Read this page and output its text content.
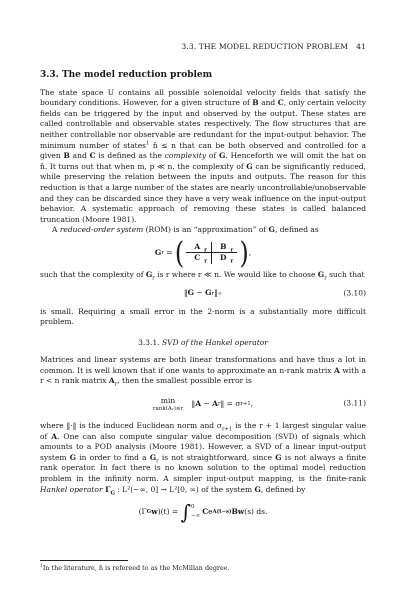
3.3. THE MODEL REDUCTION PROBLEM 41
3.3. The model reduction problem

The state space U contains all possible solenoidal velocity fields that satisfy the boundary conditions. However, for a given structure of B and C, only certain velocity fields can be triggered by the input and observed by the output. These states are called controllable and observable states respectively. The flow structures that are neither controllable nor observable are redundant for the input-output behavior. The minimum number of states$^1$ n̂ ≤ n that can be both observed and controlled for a given B and C is defined as the complexity of G. Henceforth we will omit the hat on n̂. It turns out that when m, p ≪ n, the complexity of G can be significantly reduced, while preserving the relation between the inputs and outputs. The reason for this reduction is that a large number of the states are nearly uncontrollable/unobservable and they can be discarded since they have a very weak influence on the input-output behavior. A systematic approach of removing these states is called balanced truncation (Moore 1981).

A reduced-order system (ROM) is an “approximation” of G, defined as

G r = (	A $_r$	B $_r$
C $_r$	D $_r$ ) ,

such that the complexity of $G_r$ is r where r ≪ n. We would like to choose $G_r$ such that

‖ G − G r ‖ ∞	(3.10)

is small. Requiring a small error in the 2-norm is a substantially more difficult problem.

3.3.1. SVD of the Hankel operator

Matrices and linear systems are both linear transformations and have thus a lot in common. It is well known that if one wants to approximate an n-rank matrix A with a r < n rank matrix $A_r$, then the smallest possible error is

min
rank(Aᵣ)≤r
‖ A − A r ‖ = σ r+1 ,	(3.11)

where ‖·‖ is the induced Euclidean norm and $\sigma_{r+1}$ is the r + 1 largest singular value of A. One can also compute singular value decomposition (SVD) of signals which amounts to a POD analysis (Moore 1981). However, a SVD of a linear input-output system G in order to find a $G_r$ is not straightforward, since G is not always a finite rank operator. In fact there is no known solution to the optimal model reduction problem in the infinity norm. A simpler input-output mapping, is the finite-rank Hankel operator $\Gamma_G$ : L²(−∞, 0] → L²[0, ∞) of the system G, defined by

(Γ G w )(t) = ∫ 0
−∞
C e A(t−s) B w (s) ds.
$^1$In the literature, n̂ is refereed to as the McMillan degree.
